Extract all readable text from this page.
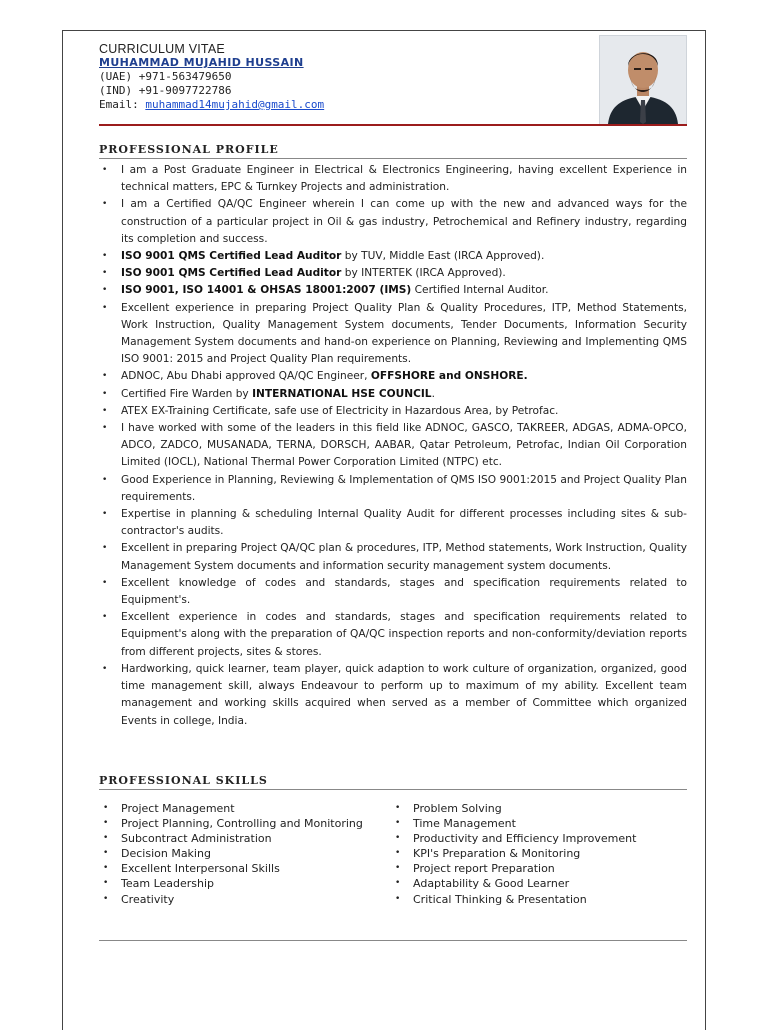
CURRICULUM VITAE
MUHAMMAD MUJAHID HUSSAIN
(UAE) +971-563479650
(IND) +91-9097722786
Email: muhammad14mujahid@gmail.com
PROFESSIONAL PROFILE
• I am a Post Graduate Engineer in Electrical & Electronics Engineering, having excellent Experience in technical matters, EPC & Turnkey Projects and administration.
• I am a Certified QA/QC Engineer wherein I can come up with the new and advanced ways for the construction of a particular project in Oil & gas industry, Petrochemical and Refinery industry, regarding its completion and success.
• ISO 9001 QMS Certified Lead Auditor by TUV, Middle East (IRCA Approved).
• ISO 9001 QMS Certified Lead Auditor by INTERTEK (IRCA Approved).
• ISO 9001, ISO 14001 & OHSAS 18001:2007 (IMS) Certified Internal Auditor.
• Excellent experience in preparing Project Quality Plan & Quality Procedures, ITP, Method Statements, Work Instruction, Quality Management System documents, Tender Documents, Information Security Management System documents and hand-on experience on Planning, Reviewing and Implementing QMS ISO 9001: 2015 and Project Quality Plan requirements.
• ADNOC, Abu Dhabi approved QA/QC Engineer, OFFSHORE and ONSHORE.
• Certified Fire Warden by INTERNATIONAL HSE COUNCIL.
• ATEX EX-Training Certificate, safe use of Electricity in Hazardous Area, by Petrofac.
• I have worked with some of the leaders in this field like ADNOC, GASCO, TAKREER, ADGAS, ADMA-OPCO, ADCO, ZADCO, MUSANADA, TERNA, DORSCH, AABAR, Qatar Petroleum, Petrofac, Indian Oil Corporation Limited (IOCL), National Thermal Power Corporation Limited (NTPC) etc.
• Good Experience in Planning, Reviewing & Implementation of QMS ISO 9001:2015 and Project Quality Plan requirements.
• Expertise in planning & scheduling Internal Quality Audit for different processes including sites & sub-contractor's audits.
• Excellent in preparing Project QA/QC plan & procedures, ITP, Method statements, Work Instruction, Quality Management System documents and information security management system documents.
• Excellent knowledge of codes and standards, stages and specification requirements related to Equipment's.
• Excellent experience in codes and standards, stages and specification requirements related to Equipment's along with the preparation of QA/QC inspection reports and non-conformity/deviation reports from different projects, sites & stores.
• Hardworking, quick learner, team player, quick adaption to work culture of organization, organized, good time management skill, always Endeavour to perform up to maximum of my ability. Excellent team management and working skills acquired when served as a member of Committee which organized Events in college, India.
PROFESSIONAL SKILLS
• Project Management
• Project Planning, Controlling and Monitoring
• Subcontract Administration
• Decision Making
• Excellent Interpersonal Skills
• Team Leadership
• Creativity
• Problem Solving
• Time Management
• Productivity and Efficiency Improvement
• KPI's Preparation & Monitoring
• Project report Preparation
• Adaptability & Good Learner
• Critical Thinking & Presentation
